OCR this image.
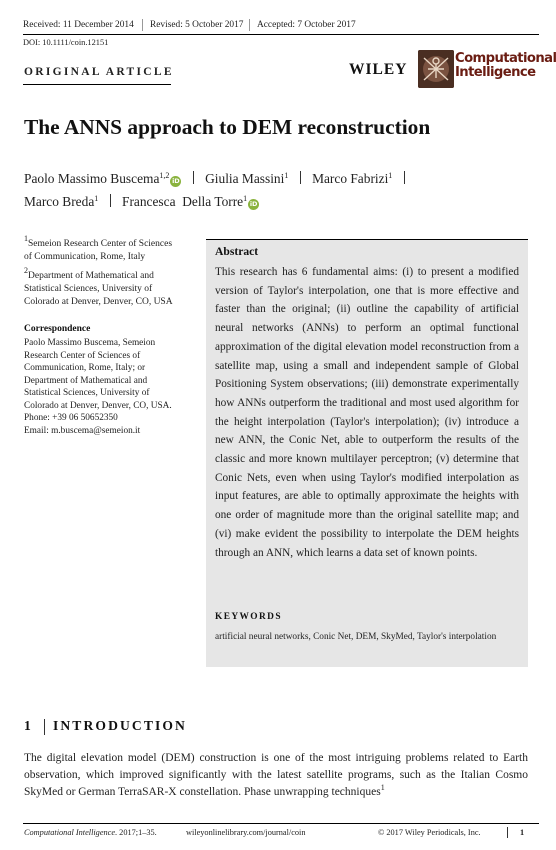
Received: 11 December 2014 Revised: 5 October 2017 Accepted: 7 October 2017
DOI: 10.1111/coin.12151
ORIGINAL ARTICLE	WILEY
Computational
Intelligence
The ANNS approach to DEM reconstruction
Paolo Massimo Buscema$^{1,2}$iD Giulia Massini$^1$ Marco Fabrizi$^1$
Marco Breda$^1$ Francesca  Della Torre$^1$iD
$^1$Semeion Research Center of Sciences
of Communication, Rome, Italy
$^2$Department of Mathematical and
Statistical Sciences, University of
Colorado at Denver, Denver, CO, USA
Correspondence
Paolo Massimo Buscema, Semeion
Research Center of Sciences of
Communication, Rome, Italy; or
Department of Mathematical and
Statistical Sciences, University of
Colorado at Denver, Denver, CO, USA.
Phone: +39 06 50652350
Email: m.buscema@semeion.it
Abstract
This research has 6 fundamental aims: (i) to present a modified version of Taylor's interpolation, one that is more effective and faster than the original; (ii) outline the capability of artificial neural networks (ANNs) to perform an optimal functional approximation of the digital elevation model reconstruction from a satellite map, using a small and independent sample of Global Positioning System observations; (iii) demonstrate experimentally how ANNs outperform the traditional and most used algorithm for the height interpolation (Taylor's interpolation); (iv) introduce a new ANN, the Conic Net, able to outperform the results of the classic and more known multilayer perceptron; (v) determine that Conic Nets, even when using Taylor's modified interpolation as input features, are able to optimally approximate the heights with one order of magnitude more than the original satellite map; and (vi) make evident the possibility to interpolate the DEM heights through an ANN, which learns a data set of known points.
KEYWORDS
artificial neural networks, Conic Net, DEM, SkyMed, Taylor's interpolation
1 INTRODUCTION
The digital elevation model (DEM) construction is one of the most intriguing problems related to Earth observation, which improved significantly with the latest satellite programs, such as the Italian Cosmo SkyMed or German TerraSAR-X constellation. Phase unwrapping techniques$^1$
Computational Intelligence. 2017;1–35.	wileyonlinelibrary.com/journal/coin	© 2017 Wiley Periodicals, Inc.	1
